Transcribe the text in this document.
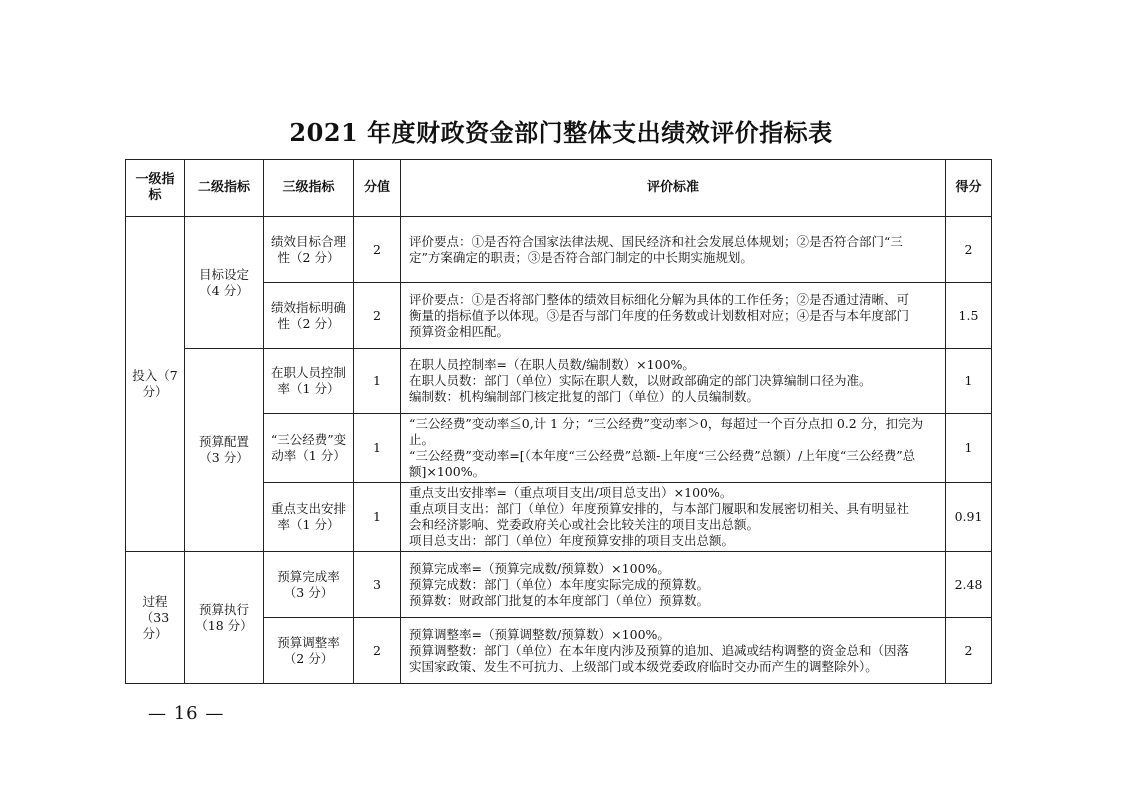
2021 年度财政资金部门整体支出绩效评价指标表
一级指标	二级指标	三级指标	分值	评价标准	得分
投入（7 分）	目标设定（4 分）	绩效目标合理性（2 分）	2	评价要点：①是否符合国家法律法规、国民经济和社会发展总体规划；②是否符合部门“三
定”方案确定的职责；③是否符合部门制定的中长期实施规划。	2
		绩效指标明确性（2 分）	2	评价要点：①是否将部门整体的绩效目标细化分解为具体的工作任务；②是否通过清晰、可
衡量的指标值予以体现。③是否与部门年度的任务数或计划数相对应；④是否与本年度部门
预算资金相匹配。	1.5
	预算配置（3 分）	在职人员控制率（1 分）	1	在职人员控制率=（在职人员数/编制数）×100%。
在职人员数：部门（单位）实际在职人数，以财政部确定的部门决算编制口径为准。
编制数：机构编制部门核定批复的部门（单位）的人员编制数。	1
		“三公经费”变动率（1 分）	1	“三公经费”变动率≦0,计 1 分；“三公经费”变动率＞0，每超过一个百分点扣 0.2 分，扣完为
止。
“三公经费”变动率=[（本年度“三公经费”总额-上年度“三公经费”总额）/上年度“三公经费”总
额]×100%。	1
		重点支出安排率（1 分）	1	重点支出安排率=（重点项目支出/项目总支出）×100%。
重点项目支出：部门（单位）年度预算安排的，与本部门履职和发展密切相关、具有明显社
会和经济影响、党委政府关心或社会比较关注的项目支出总额。
项目总支出：部门（单位）年度预算安排的项目支出总额。	0.91
过程（33 分）	预算执行（18 分）	预算完成率（3 分）	3	预算完成率=（预算完成数/预算数）×100%。
预算完成数：部门（单位）本年度实际完成的预算数。
预算数：财政部门批复的本年度部门（单位）预算数。	2.48
		预算调整率（2 分）	2	预算调整率=（预算调整数/预算数）×100%。
预算调整数：部门（单位）在本年度内涉及预算的追加、追减或结构调整的资金总和（因落
实国家政策、发生不可抗力、上级部门或本级党委政府临时交办而产生的调整除外）。	2
— 16 —
